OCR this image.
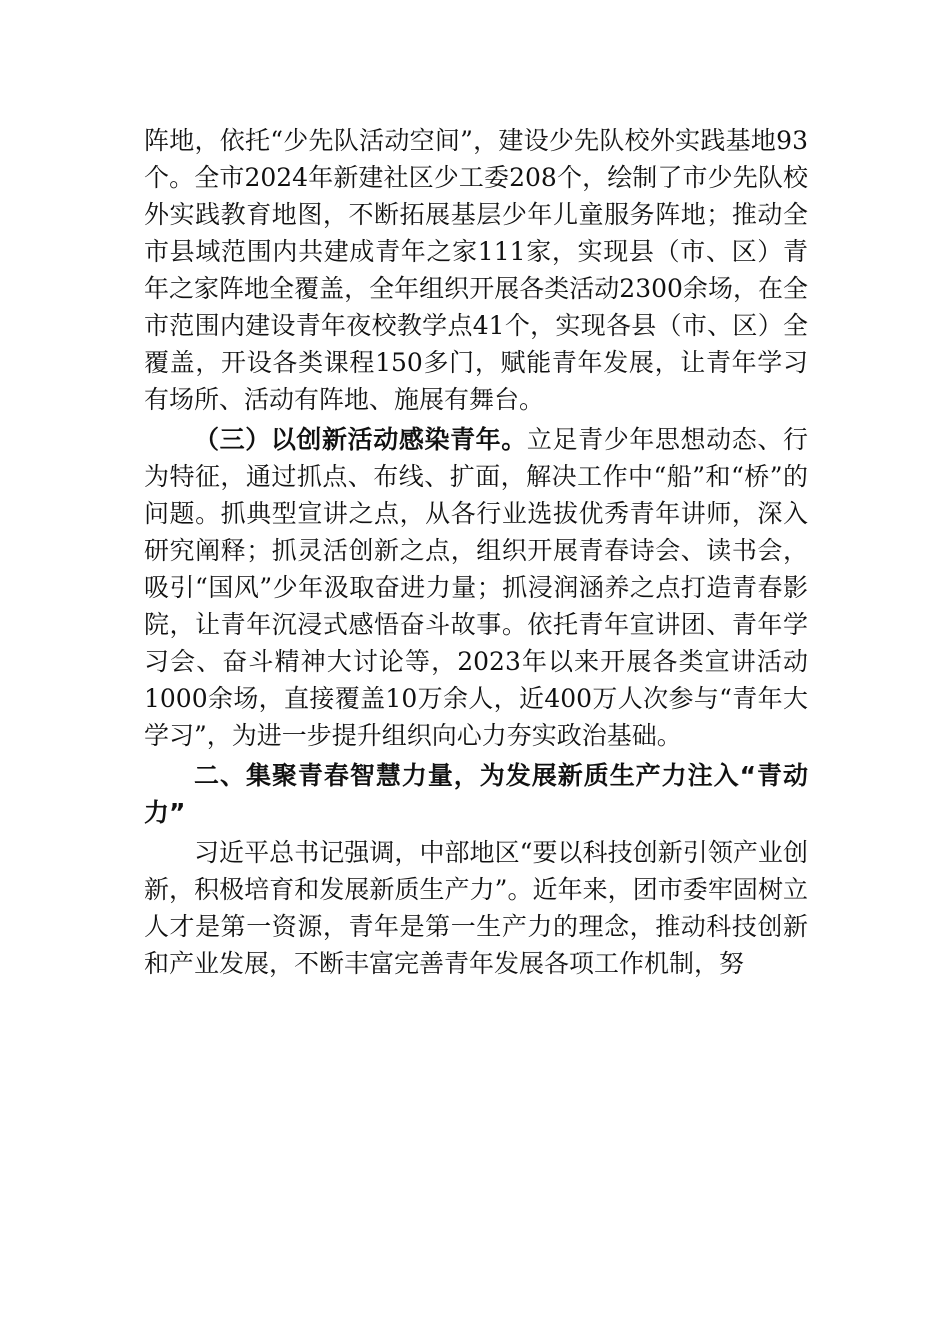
阵地，依托“少先队活动空间”，建设少先队校外实践基地93个。全市2024年新建社区少工委208个，绘制了市少先队校外实践教育地图，不断拓展基层少年儿童服务阵地；推动全市县域范围内共建成青年之家111家，实现县（市、区）青年之家阵地全覆盖，全年组织开展各类活动2300余场，在全市范围内建设青年夜校教学点41个，实现各县（市、区）全覆盖，开设各类课程150多门，赋能青年发展，让青年学习有场所、活动有阵地、施展有舞台。

（三）以创新活动感染青年。立足青少年思想动态、行为特征，通过抓点、布线、扩面，解决工作中“船”和“桥”的问题。抓典型宣讲之点，从各行业选拔优秀青年讲师，深入研究阐释；抓灵活创新之点，组织开展青春诗会、读书会，吸引“国风”少年汲取奋进力量；抓浸润涵养之点打造青春影院，让青年沉浸式感悟奋斗故事。依托青年宣讲团、青年学习会、奋斗精神大讨论等，2023年以来开展各类宣讲活动1000余场，直接覆盖10万余人，近400万人次参与“青年大学习”，为进一步提升组织向心力夯实政治基础。

二、集聚青春智慧力量，为发展新质生产力注入“青动力”

习近平总书记强调，中部地区“要以科技创新引领产业创新，积极培育和发展新质生产力”。近年来，团市委牢固树立人才是第一资源，青年是第一生产力的理念，推动科技创新和产业发展，不断丰富完善青年发展各项工作机制，努
